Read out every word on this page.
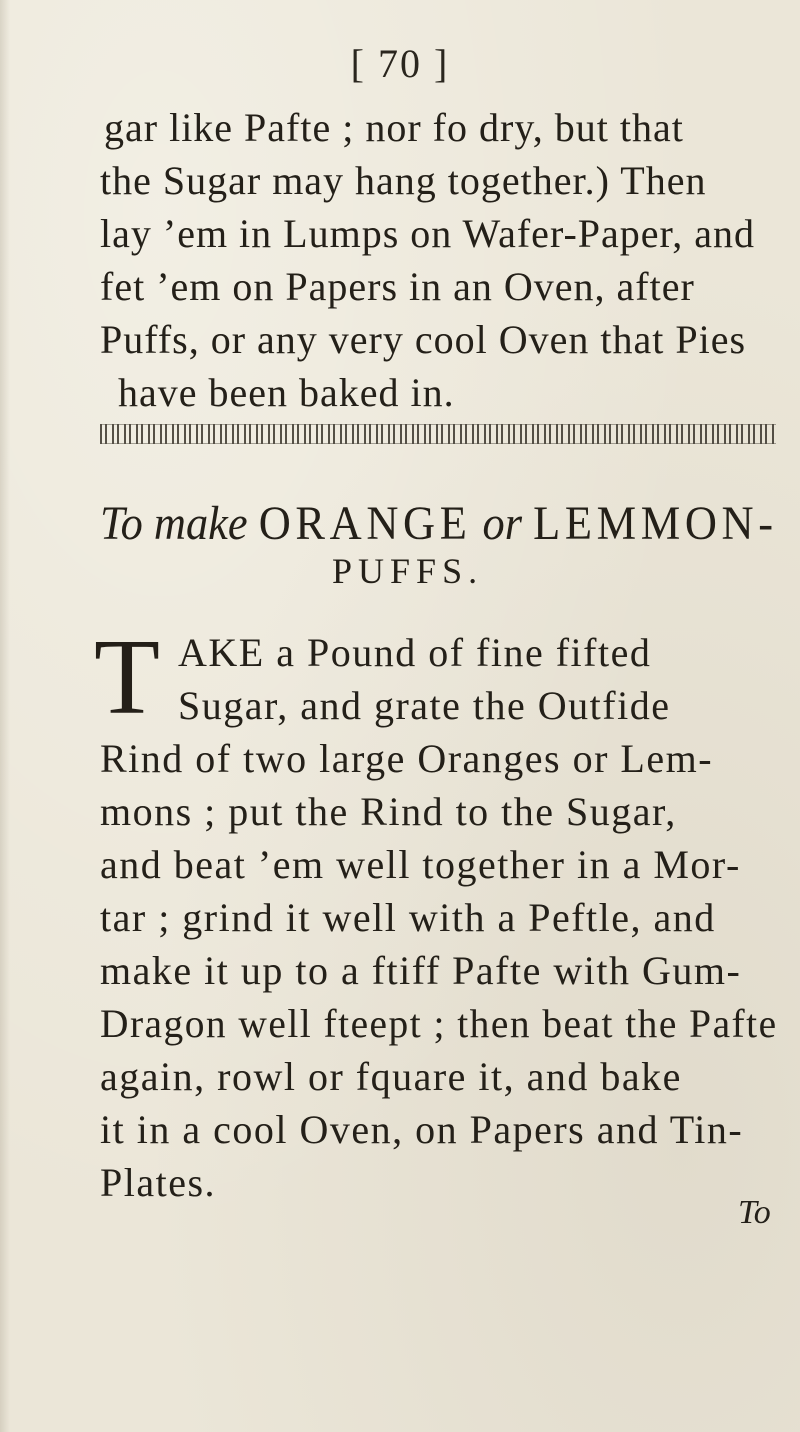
[ 70 ]
gar like Pafte ; nor fo dry, but that
the Sugar may hang together.) Then
lay ’em in Lumps on Wafer-Paper, and
fet ’em on Papers in an Oven, after
Puffs, or any very cool Oven that Pies
have been baked in.
To make ORANGE or LEMMON-
PUFFS.
T AKE a Pound of fine fifted
Sugar, and grate the Outfide
Rind of two large Oranges or Lem-
mons ; put the Rind to the Sugar,
and beat ’em well together in a Mor-
tar ; grind it well with a Peftle, and
make it up to a ftiff Pafte with Gum-
Dragon well fteept ; then beat the Pafte
again, rowl or fquare it, and bake
it in a cool Oven, on Papers and Tin-
Plates.
To
